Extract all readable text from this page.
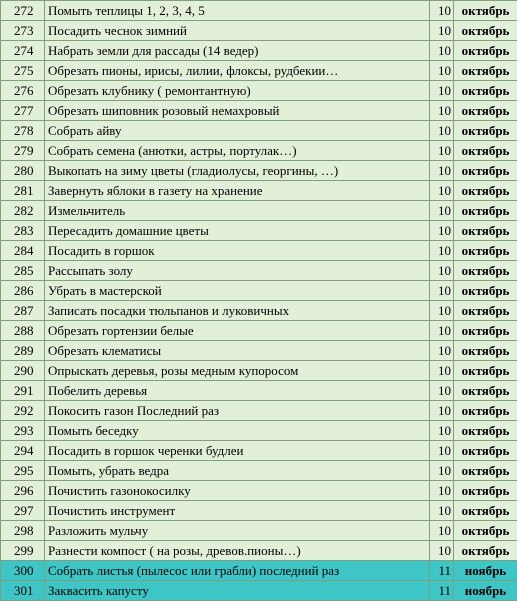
272	Помыть теплицы 1, 2, 3, 4, 5	10	октябрь
273	Посадить чеснок зимний	10	октябрь
274	Набрать земли для рассады (14 ведер)	10	октябрь
275	Обрезать пионы, ирисы, лилии, флоксы, рудбекии…	10	октябрь
276	Обрезать клубнику ( ремонтантную)	10	октябрь
277	Обрезать шиповник розовый немахровый	10	октябрь
278	Собрать айву	10	октябрь
279	Собрать семена (анютки, астры, портулак…)	10	октябрь
280	Выкопать на зиму цветы (гладиолусы, георгины, …)	10	октябрь
281	Завернуть яблоки в газету на хранение	10	октябрь
282	Измельчитель	10	октябрь
283	Пересадить домашние цветы	10	октябрь
284	Посадить в горшок	10	октябрь
285	Рассыпать золу	10	октябрь
286	Убрать в мастерской	10	октябрь
287	Записать посадки тюльпанов и луковичных	10	октябрь
288	Обрезать гортензии белые	10	октябрь
289	Обрезать клематисы	10	октябрь
290	Опрыскать деревья, розы медным купоросом	10	октябрь
291	Побелить деревья	10	октябрь
292	Покосить газон Последний раз	10	октябрь
293	Помыть беседку	10	октябрь
294	Посадить в горшок черенки будлеи	10	октябрь
295	Помыть, убрать ведра	10	октябрь
296	Почистить газонокосилку	10	октябрь
297	Почистить инструмент	10	октябрь
298	Разложить мульчу	10	октябрь
299	Разнести компост ( на розы, древов.пионы…)	10	октябрь
300	Собрать листья (пылесос или грабли) последний раз	11	ноябрь
301	Заквасить капусту	11	ноябрь
